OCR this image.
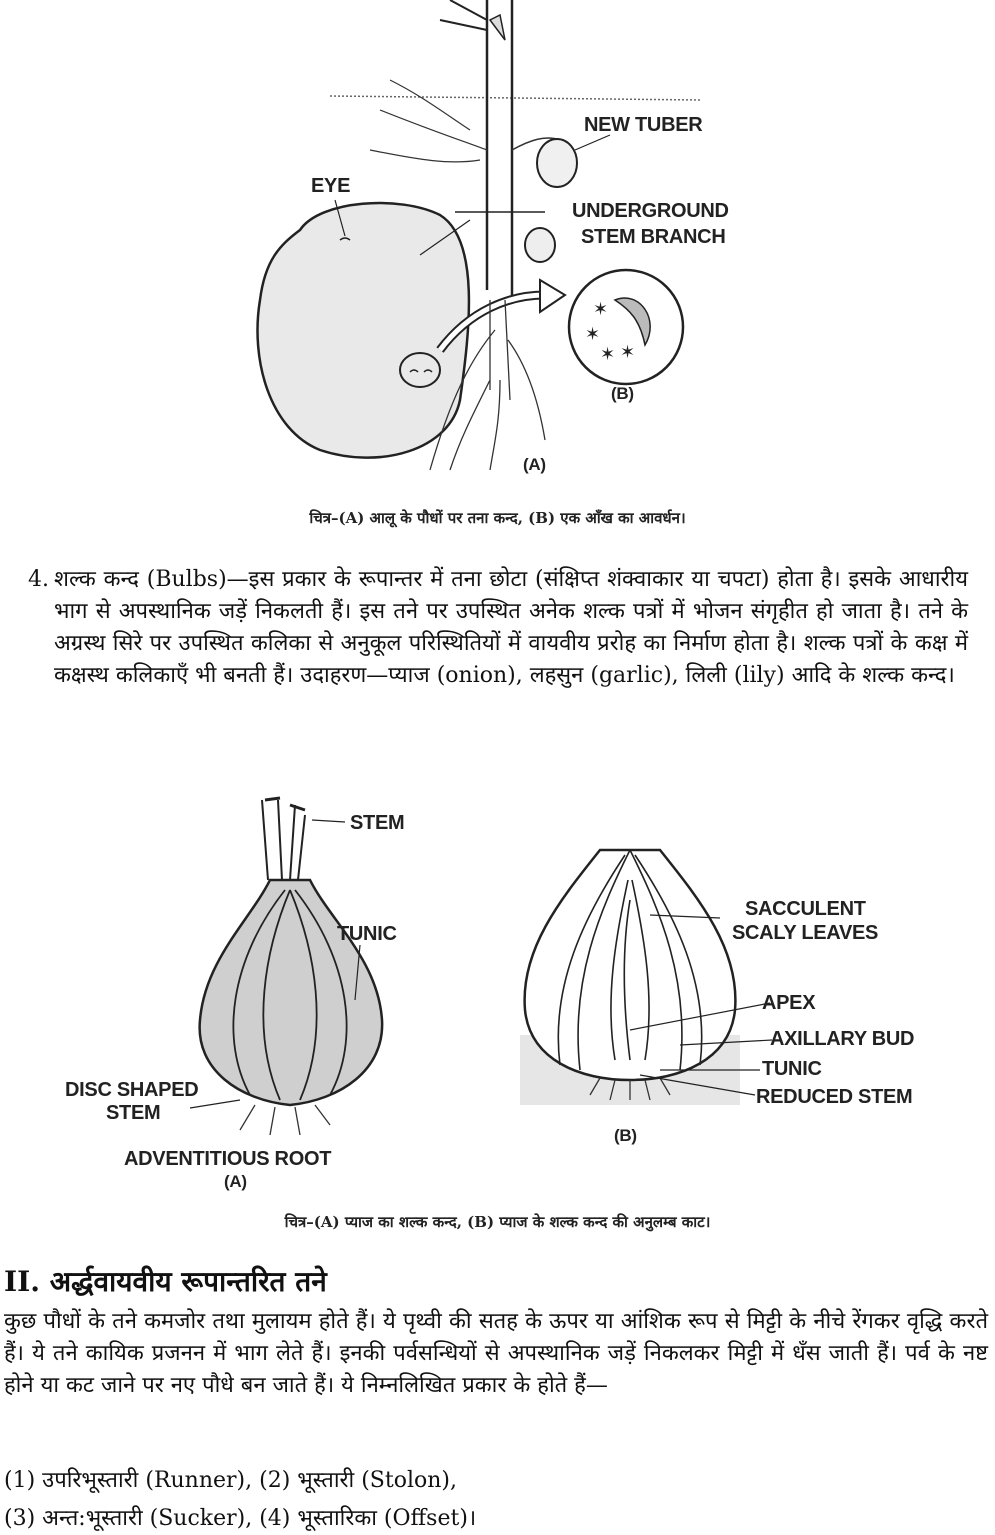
✶
✶
✶ ✶
NEW TUBER
EYE
UNDERGROUND
STEM BRANCH
(B)
(A)
चित्र–(A) आलू के पौधों पर तना कन्द, (B) एक आँख का आवर्धन।
4. शल्क कन्द (Bulbs)—इस प्रकार के रूपान्तर में तना छोटा (संक्षिप्त शंक्वाकार या चपटा) होता है। इसके आधारीय भाग से अपस्थानिक जड़ें निकलती हैं। इस तने पर उपस्थित अनेक शल्क पत्रों में भोजन संगृहीत हो जाता है। तने के अग्रस्थ सिरे पर उपस्थित कलिका से अनुकूल परिस्थितियों में वायवीय प्ररोह का निर्माण होता है। शल्क पत्रों के कक्ष में कक्षस्थ कलिकाएँ भी बनती हैं। उदाहरण—प्याज (onion), लहसुन (garlic), लिली (lily) आदि के शल्क कन्द।
STEM
TUNIC
DISC SHAPED
STEM
ADVENTITIOUS ROOT
(A)
SACCULENT
SCALY LEAVES
APEX
AXILLARY BUD
TUNIC
REDUCED STEM
(B)
चित्र–(A) प्याज का शल्क कन्द, (B) प्याज के शल्क कन्द की अनुलम्ब काट।
II. अर्द्धवायवीय रूपान्तरित तने
कुछ पौधों के तने कमजोर तथा मुलायम होते हैं। ये पृथ्वी की सतह के ऊपर या आंशिक रूप से मिट्टी के नीचे रेंगकर वृद्धि करते हैं। ये तने कायिक प्रजनन में भाग लेते हैं। इनकी पर्वसन्धियों से अपस्थानिक जड़ें निकलकर मिट्टी में धँस जाती हैं। पर्व के नष्ट होने या कट जाने पर नए पौधे बन जाते हैं। ये निम्नलिखित प्रकार के होते हैं—
(1) उपरिभूस्तारी (Runner), (2) भूस्तारी (Stolon),
(3) अन्त:भूस्तारी (Sucker), (4) भूस्तारिका (Offset)।
